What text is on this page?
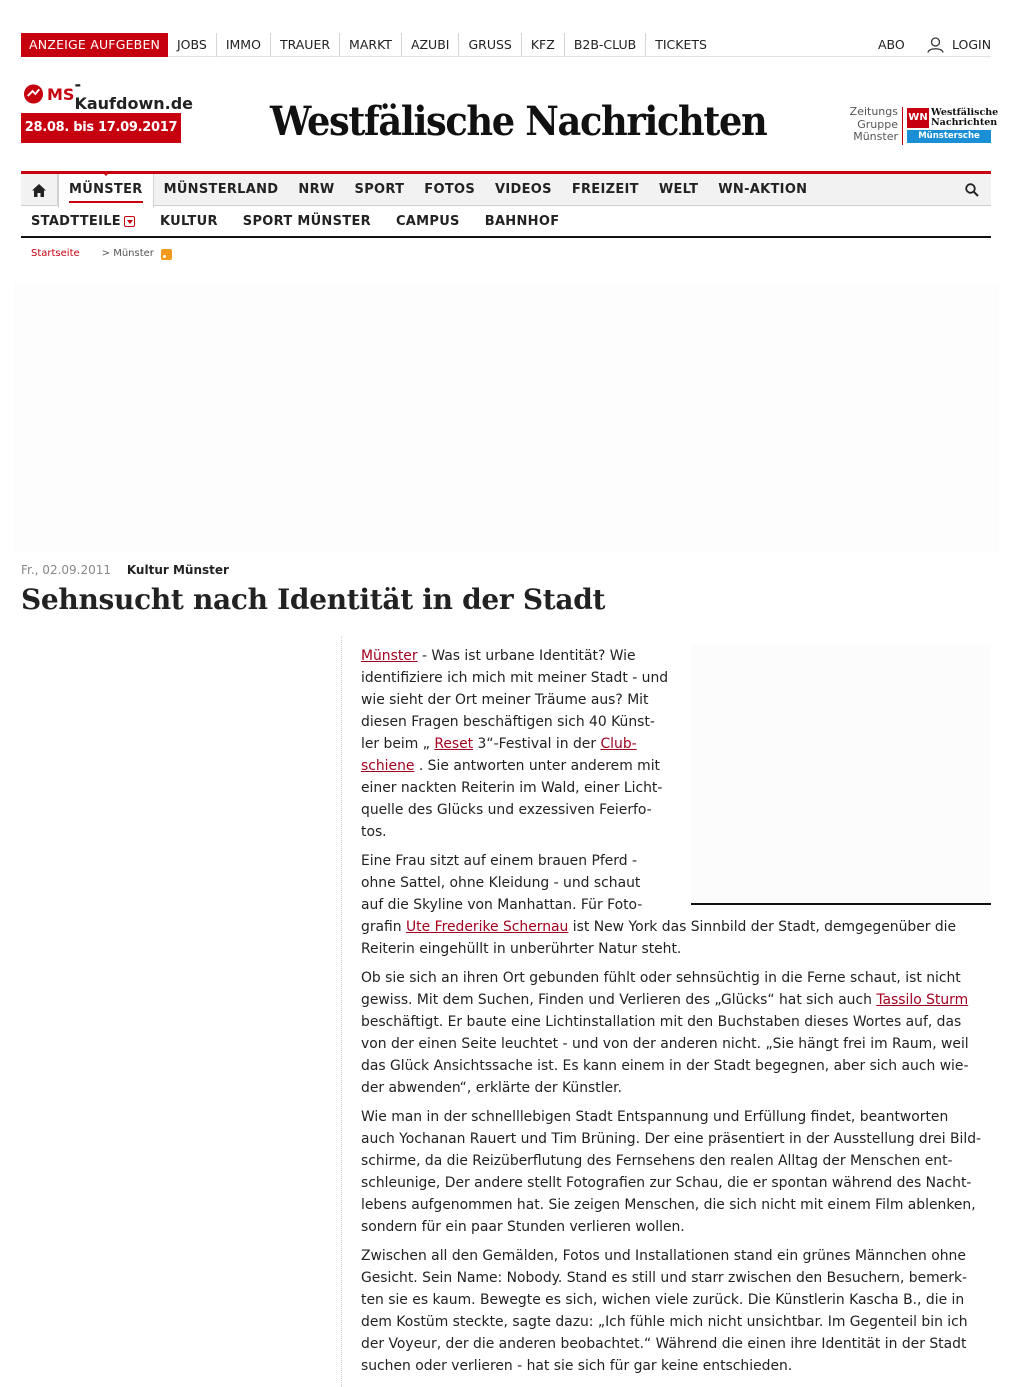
ANZEIGE AUFGEBEN	JOBS	IMMO	TRAUER	MARKT	AZUBI	GRUSS	KFZ	B2B-CLUB	TICKETS	ABO	LOGIN
MS -Kaufdown.de
28.08. bis 17.09.2017 Westfälische Nachrichten	Zeitungs
Gruppe
Münster
WN Westfälische
Nachrichten
Münstersche Zeitung
MÜNSTER	MÜNSTERLAND	NRW	SPORT	FOTOS	VIDEOS	FREIZEIT	WELT	WN-AKTION
STADTTEILE	KULTUR	SPORT MÜNSTER	CAMPUS	BAHNHOF
Startseite > Münster
Fr., 02.09.2011 Kultur Münster
Sehnsucht nach Identität in der Stadt

Münster - Was ist urbane Identität? Wie
identifiziere ich mich mit meiner Stadt - und
wie sieht der Ort meiner Träume aus? Mit
diesen Fragen beschäftigen sich 40 Künst-
ler beim „ Reset 3“-Festival in der Club-
schiene . Sie antworten unter anderem mit
einer nackten Reiterin im Wald, einer Licht-
quelle des Glücks und exzessiven Feierfo-
tos.

Eine Frau sitzt auf einem brauen Pferd -
ohne Sattel, ohne Kleidung - und schaut
auf die Skyline von Manhattan. Für Foto-
grafin Ute Frederike Schernau ist New York das Sinnbild der Stadt, demgegenüber die
Reiterin eingehüllt in unberührter Natur steht.

Ob sie sich an ihren Ort gebunden fühlt oder sehnsüchtig in die Ferne schaut, ist nicht
gewiss. Mit dem Suchen, Finden und Verlieren des „Glücks“ hat sich auch Tassilo Sturm
beschäftigt. Er baute eine Lichtinstallation mit den Buchstaben dieses Wortes auf, das
von der einen Seite leuchtet - und von der anderen nicht. „Sie hängt frei im Raum, weil
das Glück Ansichtssache ist. Es kann einem in der Stadt begegnen, aber sich auch wie-
der abwenden“, erklärte der Künstler.

Wie man in der schnelllebigen Stadt Entspannung und Erfüllung findet, beantworten
auch Yochanan Rauert und Tim Brüning. Der eine präsentiert in der Ausstellung drei Bild-
schirme, da die Reizüberflutung des Fernsehens den realen Alltag der Menschen ent-
schleunige, Der andere stellt Fotografien zur Schau, die er spontan während des Nacht-
lebens aufgenommen hat. Sie zeigen Menschen, die sich nicht mit einem Film ablenken,
sondern für ein paar Stunden verlieren wollen.

Zwischen all den Gemälden, Fotos und Installationen stand ein grünes Männchen ohne
Gesicht. Sein Name: Nobody. Stand es still und starr zwischen den Besuchern, bemerk-
ten sie es kaum. Bewegte es sich, wichen viele zurück. Die Künstlerin Kascha B., die in
dem Kostüm steckte, sagte dazu: „Ich fühle mich nicht unsichtbar. Im Gegenteil bin ich
der Voyeur, der die anderen beobachtet.“ Während die einen ihre Identität in der Stadt
suchen oder verlieren - hat sie sich für gar keine entschieden.
